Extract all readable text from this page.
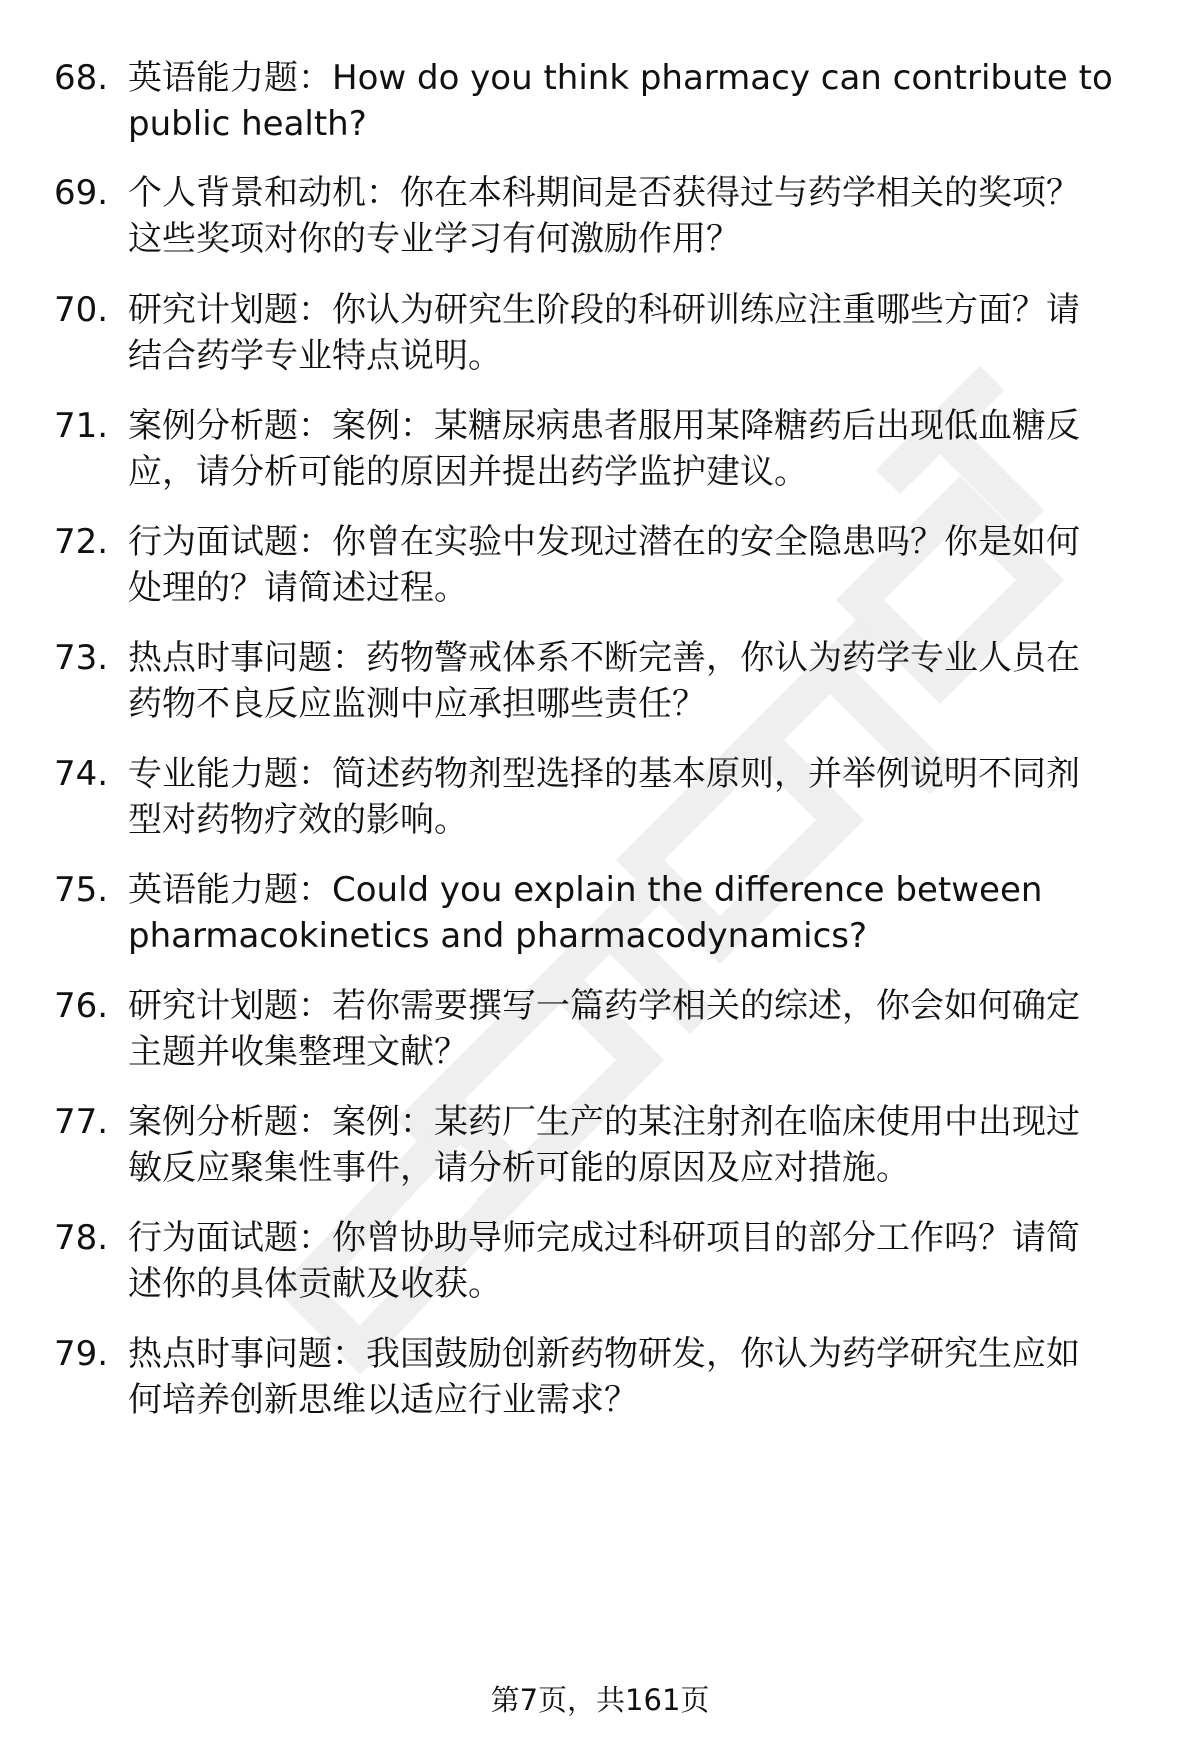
68. 英语能力题：How do you think pharmacy can contribute to
public health?
69. 个人背景和动机：你在本科期间是否获得过与药学相关的奖项？
这些奖项对你的专业学习有何激励作用？
70. 研究计划题：你认为研究生阶段的科研训练应注重哪些方面？请
结合药学专业特点说明。
71. 案例分析题：案例：某糖尿病患者服用某降糖药后出现低血糖反
应，请分析可能的原因并提出药学监护建议。
72. 行为面试题：你曾在实验中发现过潜在的安全隐患吗？你是如何
处理的？请简述过程。
73. 热点时事问题：药物警戒体系不断完善，你认为药学专业人员在
药物不良反应监测中应承担哪些责任？
74. 专业能力题：简述药物剂型选择的基本原则，并举例说明不同剂
型对药物疗效的影响。
75. 英语能力题：Could you explain the difference between
pharmacokinetics and pharmacodynamics?
76. 研究计划题：若你需要撰写一篇药学相关的综述，你会如何确定
主题并收集整理文献？
77. 案例分析题：案例：某药厂生产的某注射剂在临床使用中出现过
敏反应聚集性事件，请分析可能的原因及应对措施。
78. 行为面试题：你曾协助导师完成过科研项目的部分工作吗？请简
述你的具体贡献及收获。
79. 热点时事问题：我国鼓励创新药物研发，你认为药学研究生应如
何培养创新思维以适应行业需求？
第7页，共161页
